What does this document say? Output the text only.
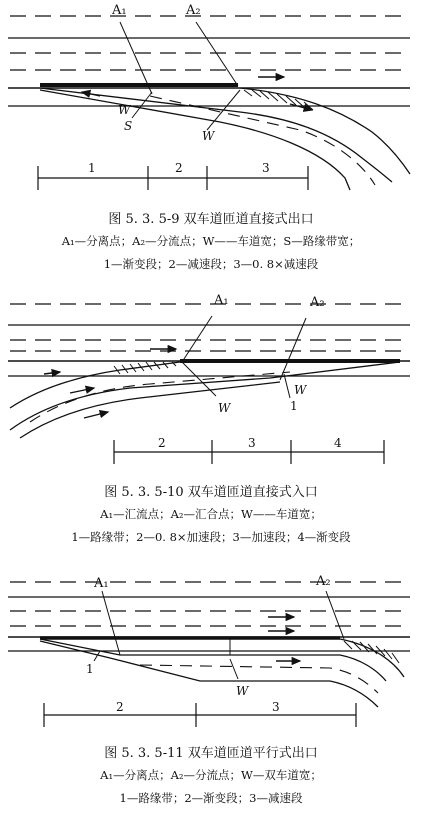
A₁	A₂
W
S
W
1	2	3
图 5. 3. 5-9 双车道匝道直接式出口
A₁—分离点；A₂—分流点；W——车道宽；S—路缘带宽；
1—渐变段；2—减速段；3—0. 8×减速段
A₁	A₂
W
W
1
2	3	4
图 5. 3. 5-10 双车道匝道直接式入口
A₁—汇流点；A₂—汇合点；W——车道宽；
1—路缘带；2—0. 8×加速段；3—加速段；4—渐变段
A₁	A₂
1
W
2	3
图 5. 3. 5-11 双车道匝道平行式出口
A₁—分离点；A₂—分流点；W—双车道宽；
1—路缘带；2—渐变段；3—减速段
